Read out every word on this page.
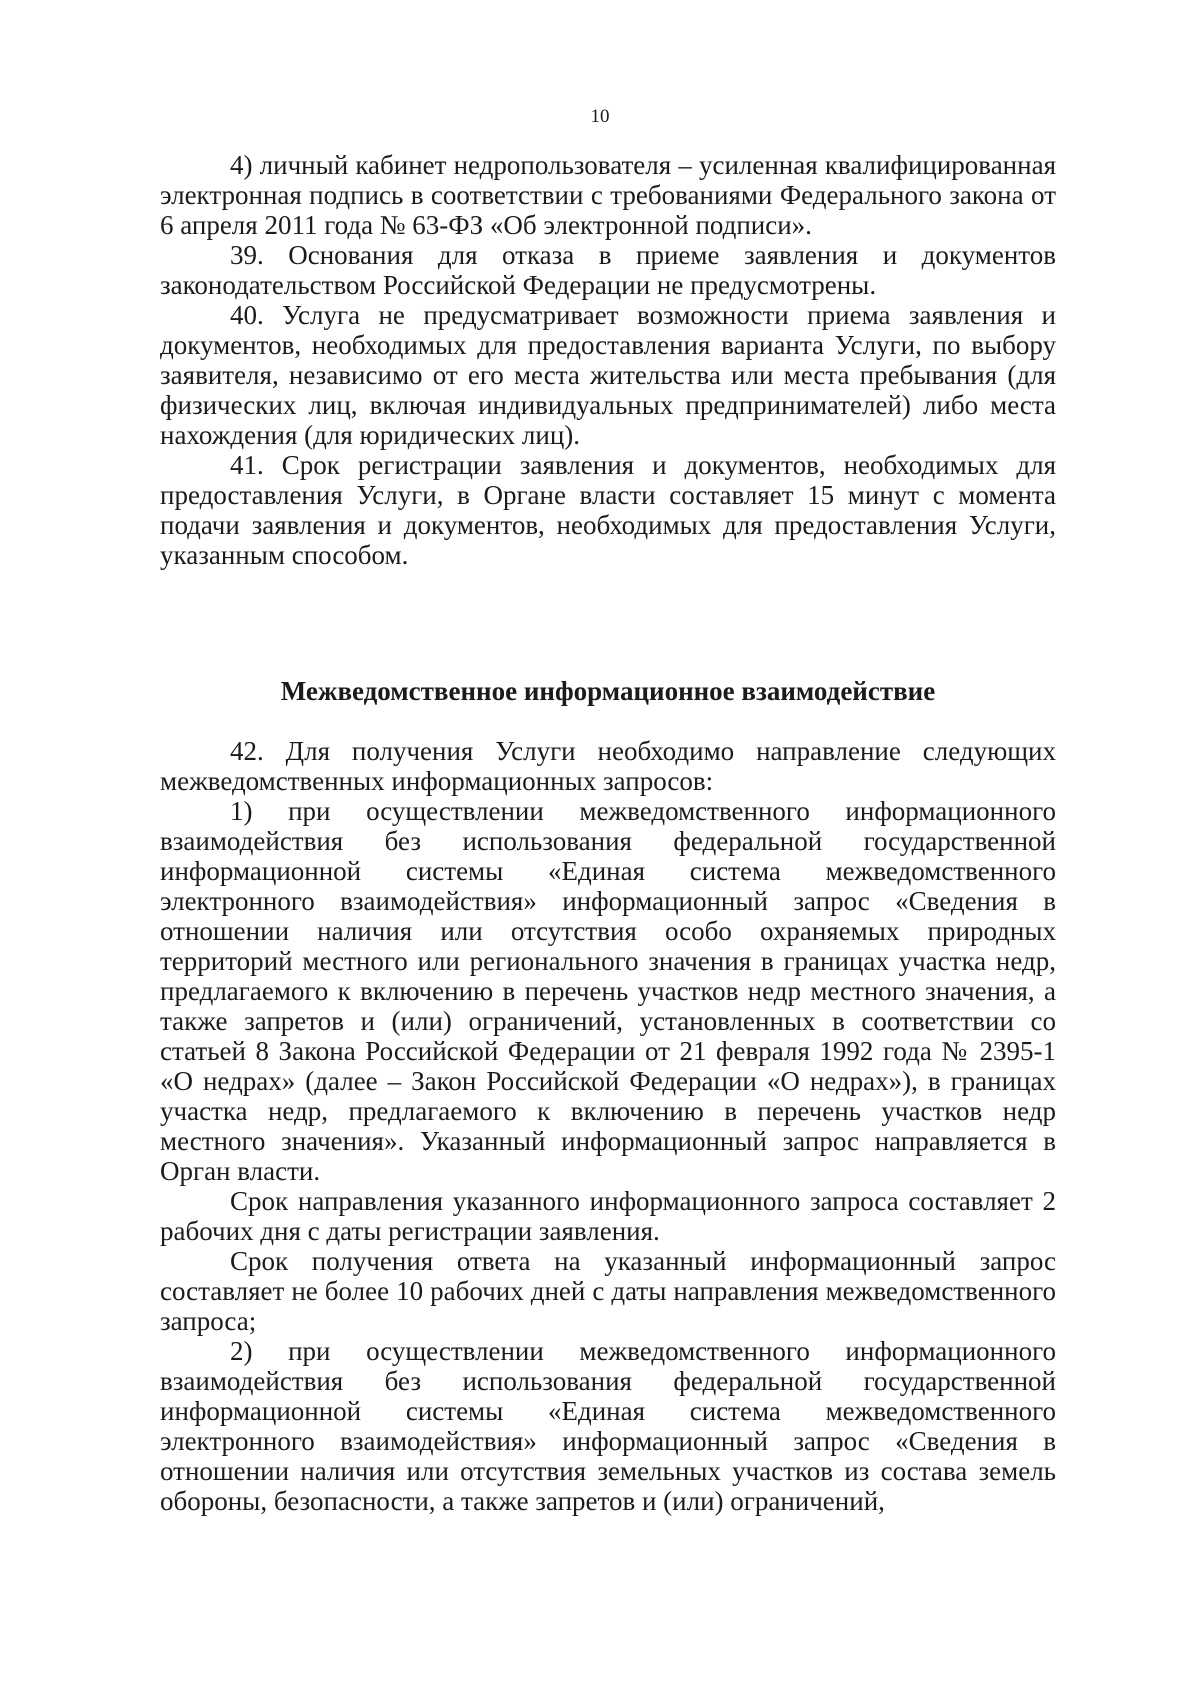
10

4) личный кабинет недропользователя – усиленная квалифицированная электронная подпись в соответствии с требованиями Федерального закона от 6 апреля 2011 года № 63-ФЗ «Об электронной подписи».

39. Основания для отказа в приеме заявления и документов законодательством Российской Федерации не предусмотрены.

40. Услуга не предусматривает возможности приема заявления и документов, необходимых для предоставления варианта Услуги, по выбору заявителя, независимо от его места жительства или места пребывания (для физических лиц, включая индивидуальных предпринимателей) либо места нахождения (для юридических лиц).

41. Срок регистрации заявления и документов, необходимых для предоставления Услуги, в Органе власти составляет 15 минут с момента подачи заявления и документов, необходимых для предоставления Услуги, указанным способом.

Межведомственное информационное взаимодействие

42. Для получения Услуги необходимо направление следующих межведомственных информационных запросов:

1) при осуществлении межведомственного информационного взаимодействия без использования федеральной государственной информационной системы «Единая система межведомственного электронного взаимодействия» информационный запрос «Сведения в отношении наличия или отсутствия особо охраняемых природных территорий местного или регионального значения в границах участка недр, предлагаемого к включению в перечень участков недр местного значения, а также запретов и (или) ограничений, установленных в соответствии со статьей 8 Закона Российской Федерации от 21 февраля 1992 года № 2395-1 «О недрах» (далее – Закон Российской Федерации «О недрах»), в границах участка недр, предлагаемого к включению в перечень участков недр местного значения». Указанный информационный запрос направляется в Орган власти.

Срок направления указанного информационного запроса составляет 2 рабочих дня с даты регистрации заявления.

Срок получения ответа на указанный информационный запрос составляет не более 10 рабочих дней с даты направления межведомственного запроса;

2) при осуществлении межведомственного информационного взаимодействия без использования федеральной государственной информационной системы «Единая система межведомственного электронного взаимодействия» информационный запрос «Сведения в отношении наличия или отсутствия земельных участков из состава земель обороны, безопасности, а также запретов и (или) ограничений,
